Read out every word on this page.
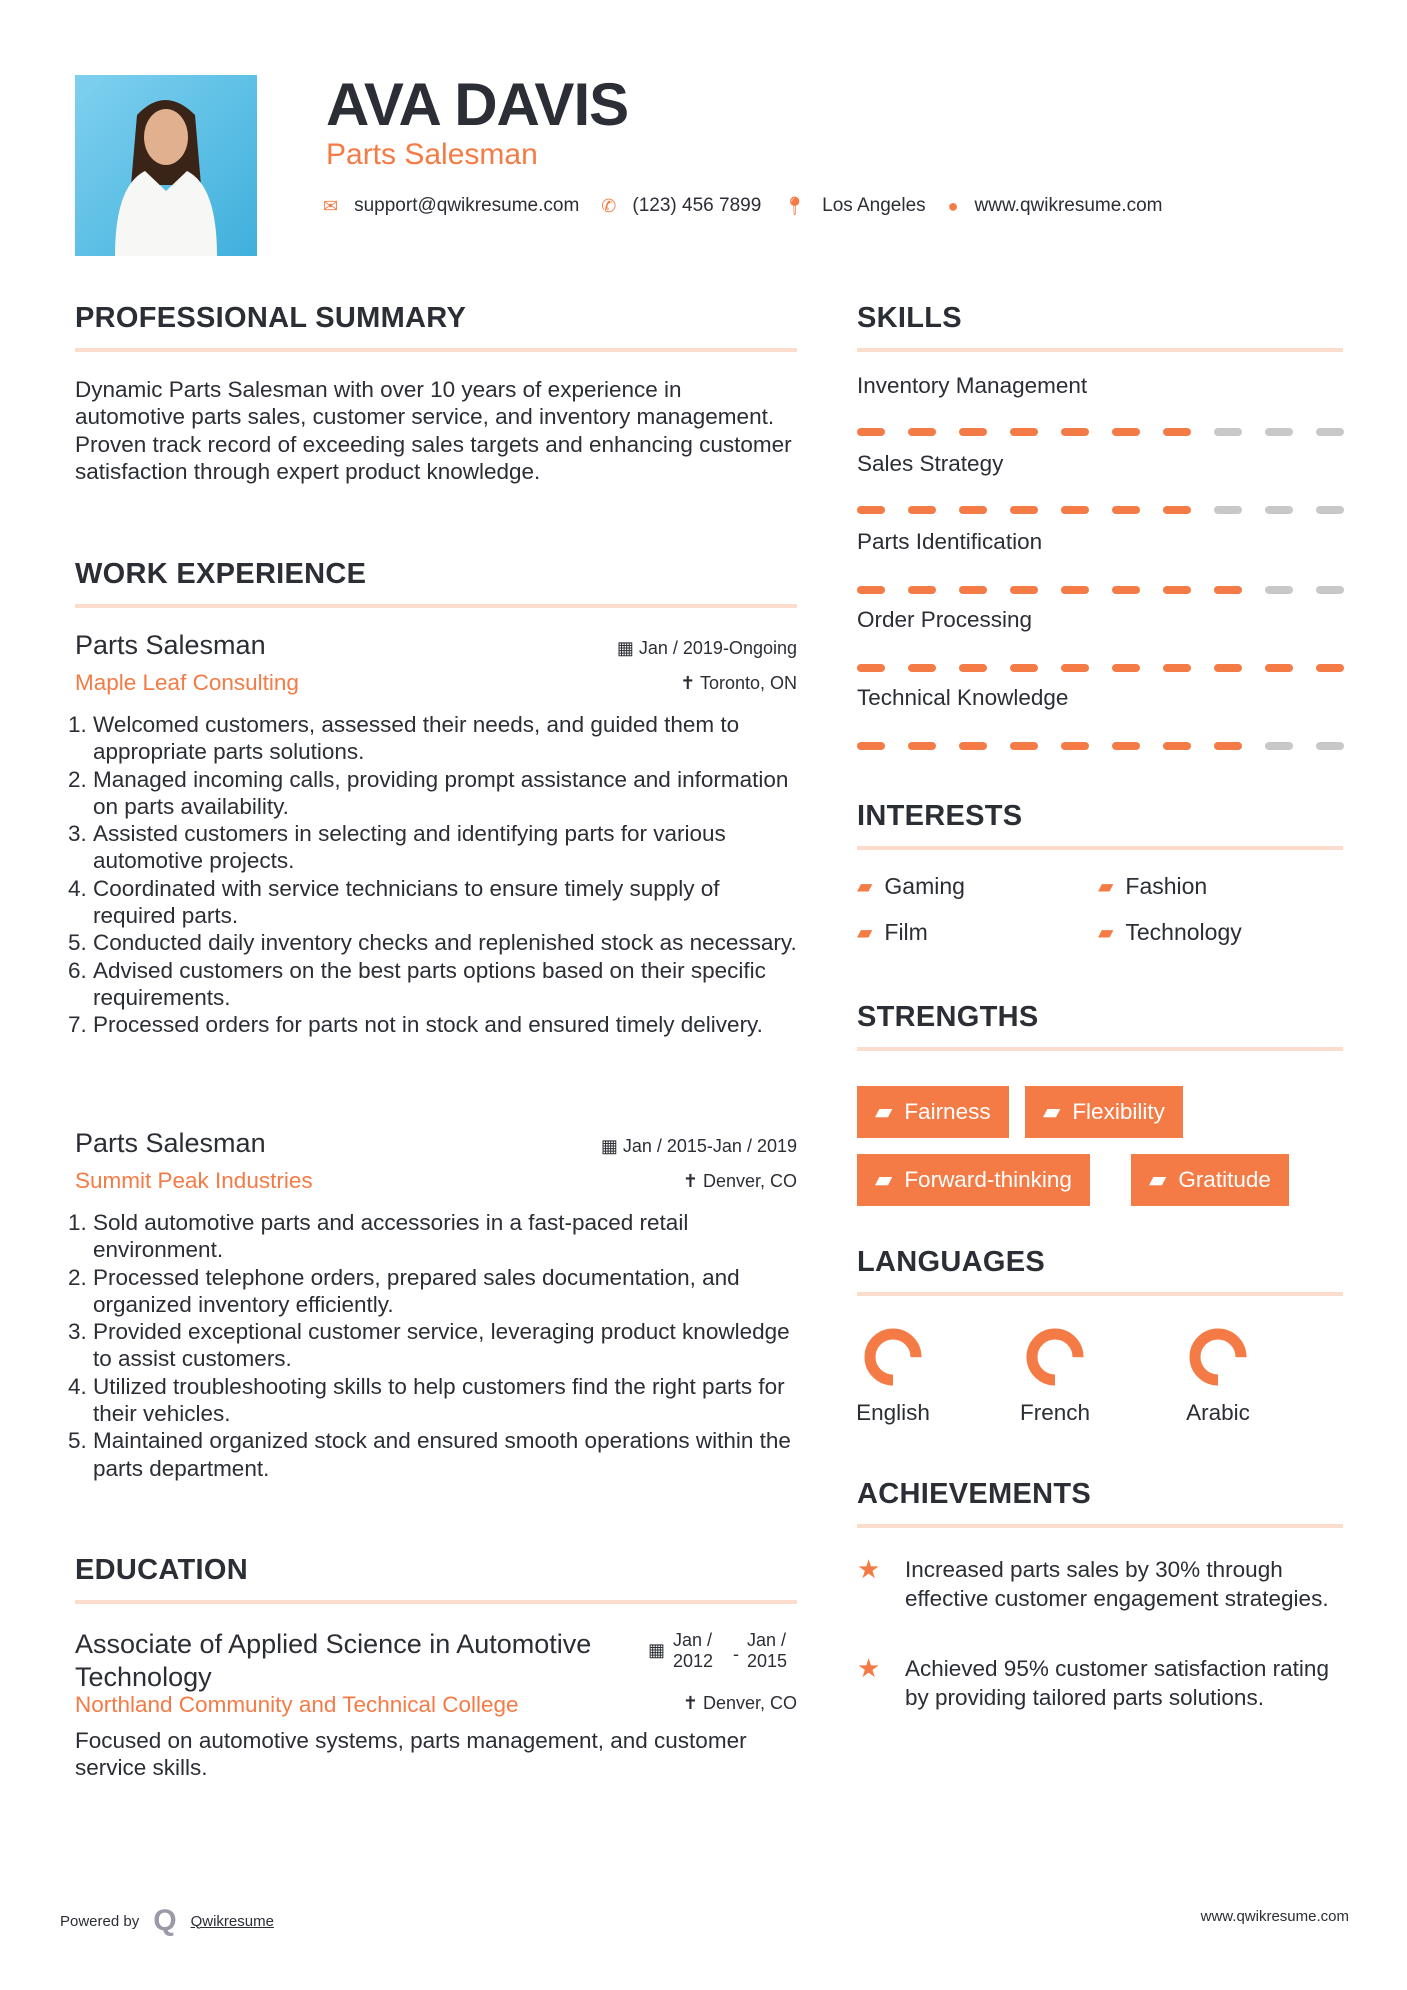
AVA DAVIS
Parts Salesman
✉ support@qwikresume.com ✆ (123) 456 7899 📍︎ Los Angeles ● www.qwikresume.com
PROFESSIONAL SUMMARY
Dynamic Parts Salesman with over 10 years of experience in automotive parts sales, customer service, and inventory management. Proven track record of exceeding sales targets and enhancing customer satisfaction through expert product knowledge.
WORK EXPERIENCE
Parts Salesman	▦ Jan / 2019-Ongoing
Maple Leaf Consulting	✝ Toronto, ON
1. Welcomed customers, assessed their needs, and guided them to appropriate parts solutions.
2. Managed incoming calls, providing prompt assistance and information on parts availability.
3. Assisted customers in selecting and identifying parts for various automotive projects.
4. Coordinated with service technicians to ensure timely supply of required parts.
5. Conducted daily inventory checks and replenished stock as necessary.
6. Advised customers on the best parts options based on their specific requirements.
7. Processed orders for parts not in stock and ensured timely delivery.
Parts Salesman	▦ Jan / 2015-Jan / 2019
Summit Peak Industries	✝ Denver, CO
1. Sold automotive parts and accessories in a fast-paced retail environment.
2. Processed telephone orders, prepared sales documentation, and organized inventory efficiently.
3. Provided exceptional customer service, leveraging product knowledge to assist customers.
4. Utilized troubleshooting skills to help customers find the right parts for their vehicles.
5. Maintained organized stock and ensured smooth operations within the parts department.
EDUCATION
Associate of Applied Science in Automotive Technology
▦ Jan / 2012	-
Jan / 2015
Northland Community and Technical College	✝ Denver, CO
Focused on automotive systems, parts management, and customer service skills.
SKILLS
Inventory Management
Sales Strategy
Parts Identification
Order Processing
Technical Knowledge
INTERESTS
▰ Gaming	▰ Fashion
▰ Film	▰ Technology
STRENGTHS
▰ Fairness ▰ Flexibility
▰ Forward-thinking	▰ Gratitude
LANGUAGES
English	French	Arabic
ACHIEVEMENTS
★	Increased parts sales by 30% through effective customer engagement strategies.
★	Achieved 95% customer satisfaction rating by providing tailored parts solutions.
Powered by Q Qwikresume	www.qwikresume.com
